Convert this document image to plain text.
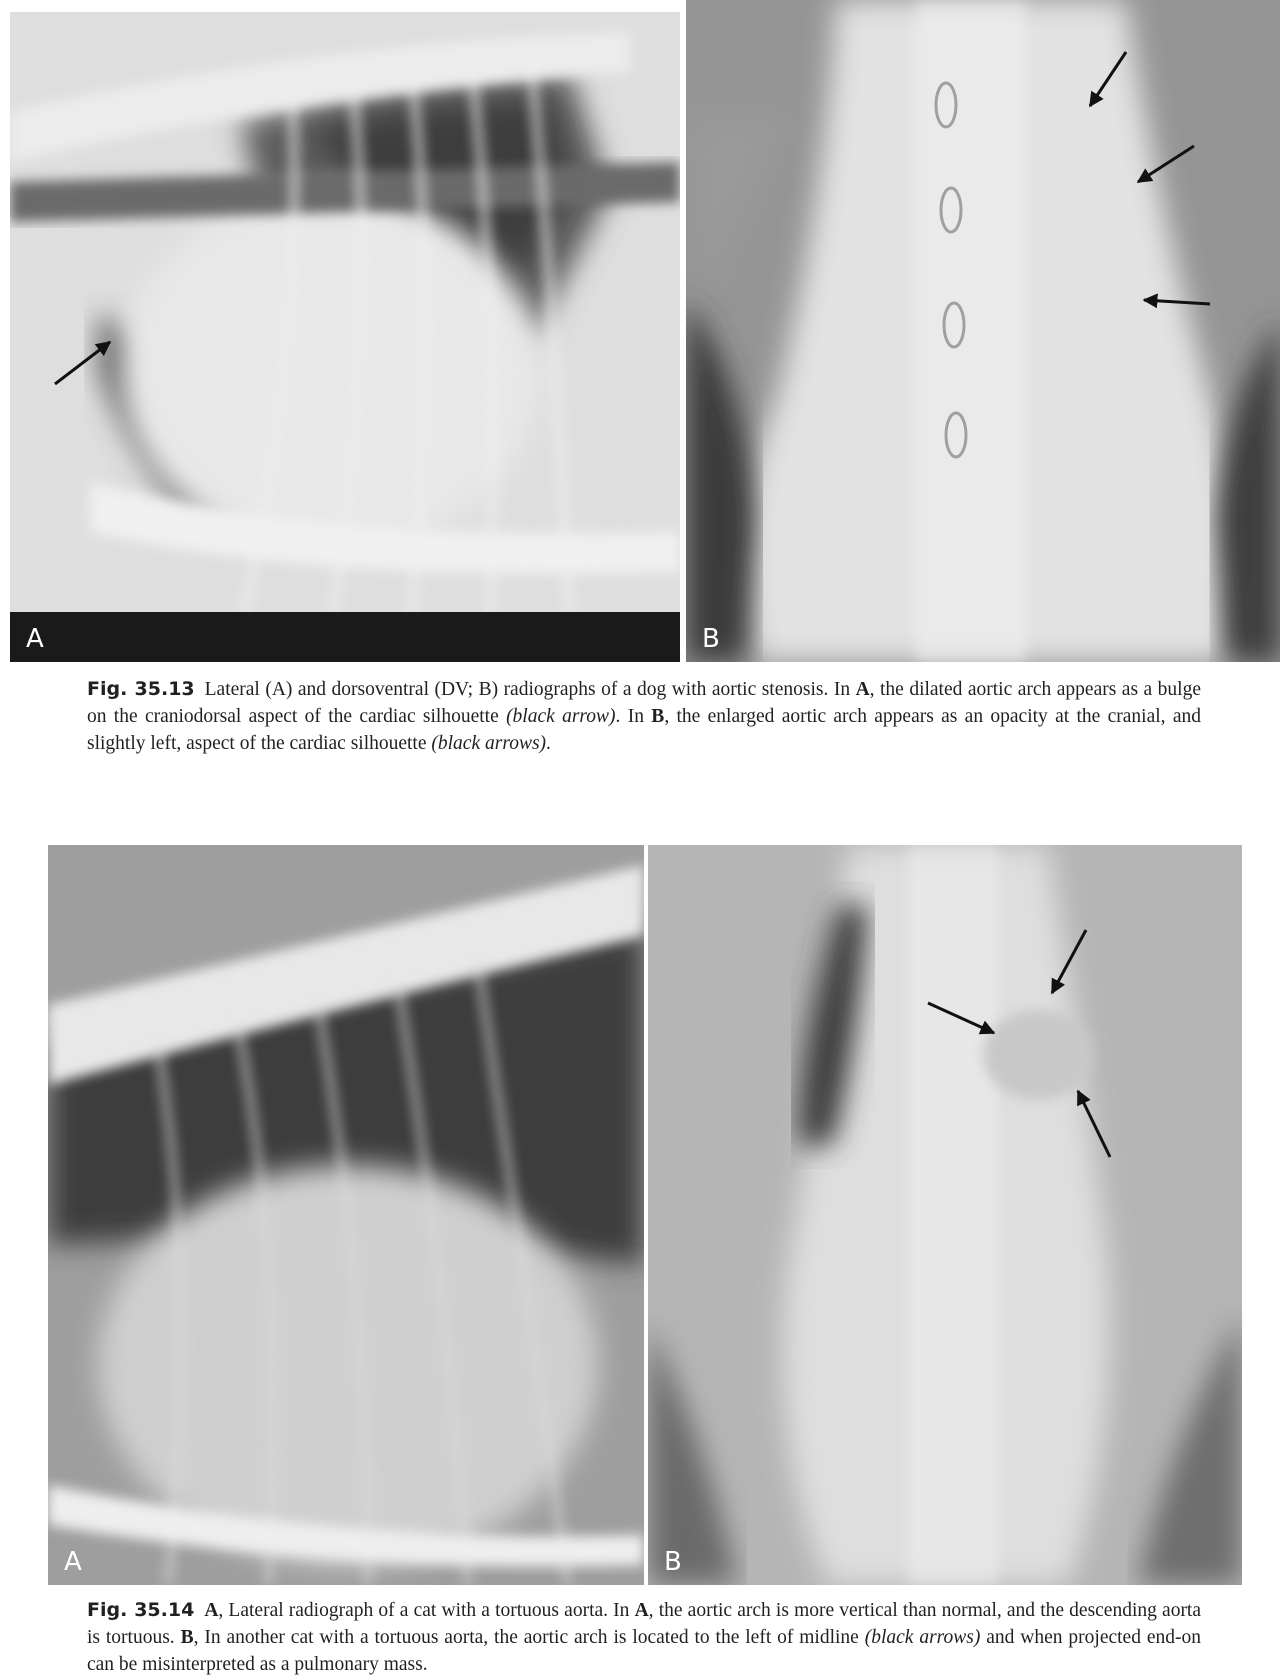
A	B
Fig. 35.13 Lateral (A) and dorsoventral (DV; B) radiographs of a dog with aortic stenosis. In A, the dilated aortic arch appears as a bulge on the craniodorsal aspect of the cardiac silhouette (black arrow). In B, the enlarged aortic arch appears as an opacity at the cranial, and slightly left, aspect of the cardiac silhouette (black arrows).
A	B
Fig. 35.14 A, Lateral radiograph of a cat with a tortuous aorta. In A, the aortic arch is more vertical than normal, and the descending aorta is tortuous. B, In another cat with a tortuous aorta, the aortic arch is located to the left of midline (black arrows) and when projected end-on can be misinterpreted as a pulmonary mass.
